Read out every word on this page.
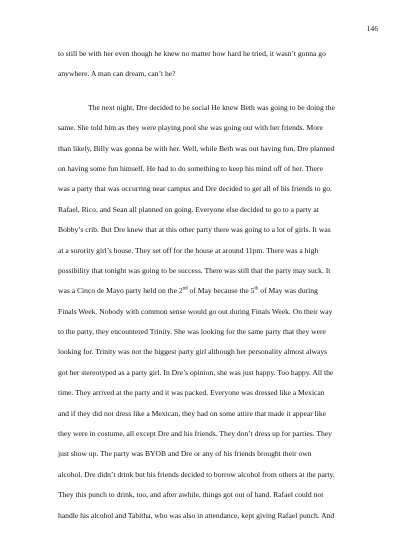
146
to still be with her even though he knew no matter how hard he tried, it wasn’t gonna go
anywhere. A man can dream, can’t he?
The next night, Dre decided to be social He knew Beth was going to be doing the
same. She told him as they were playing pool she was going out with her friends. More
than likely, Billy was gonna be with her. Well, while Beth was out having fun, Dre planned
on having some fun himself. He had to do something to keep his mind off of her. There
was a party that was occurring near campus and Dre decided to get all of his friends to go.
Rafael, Rico, and Sean all planned on going. Everyone else decided to go to a party at
Bobby’s crib. But Dre knew that at this other party there was going to a lot of girls. It was
at a sorority girl’s house. They set off for the house at around 11pm. There was a high
possibility that tonight was going to be success. There was still that the party may suck. It
was a Cinco de Mayo party held on the 2nd of May because the 5th of May was during
Finals Week. Nobody with common sense would go out during Finals Week. On their way
to the party, they encountered Trinity. She was looking for the same party that they were
looking for. Trinity was not the biggest party girl although her personality almost always
got her stereotyped as a party girl. In Dre’s opinion, she was just happy. Too happy. All the
time. They arrived at the party and it was packed. Everyone was dressed like a Mexican
and if they did not dress like a Mexican, they had on some attire that made it appear like
they were in costume, all except Dre and his friends. They don’t dress up for parties. They
just show up. The party was BYOB and Dre or any of his friends brought their own
alcohol. Dre didn’t drink but his friends decided to borrow alcohol from others at the party.
They this punch to drink, too, and after awhile, things got out of hand. Rafael could not
handle his alcohol and Tabitha, who was also in attendance, kept giving Rafael punch. And
